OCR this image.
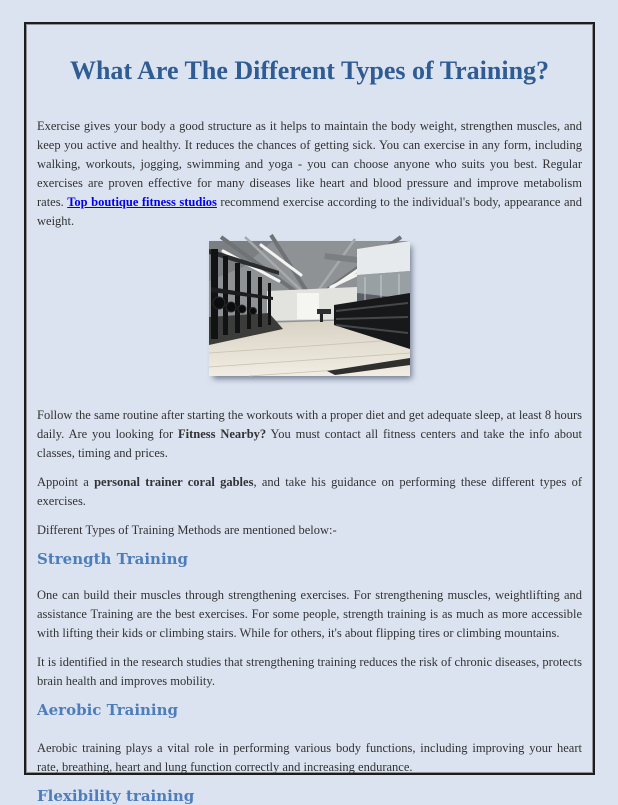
What Are The Different Types of Training?

Exercise gives your body a good structure as it helps to maintain the body weight, strengthen muscles, and keep you active and healthy. It reduces the chances of getting sick. You can exercise in any form, including walking, workouts, jogging, swimming and yoga - you can choose anyone who suits you best. Regular exercises are proven effective for many diseases like heart and blood pressure and improve metabolism rates. Top boutique fitness studios recommend exercise according to the individual's body, appearance and weight.

Follow the same routine after starting the workouts with a proper diet and get adequate sleep, at least 8 hours daily. Are you looking for Fitness Nearby? You must contact all fitness centers and take the info about classes, timing and prices.

Appoint a personal trainer coral gables, and take his guidance on performing these different types of exercises.

Different Types of Training Methods are mentioned below:-

Strength Training

One can build their muscles through strengthening exercises. For strengthening muscles, weightlifting and assistance Training are the best exercises. For some people, strength training is as much as more accessible with lifting their kids or climbing stairs. While for others, it's about flipping tires or climbing mountains.

It is identified in the research studies that strengthening training reduces the risk of chronic diseases, protects brain health and improves mobility.

Aerobic Training

Aerobic training plays a vital role in performing various body functions, including improving your heart rate, breathing, heart and lung function correctly and increasing endurance.

Flexibility training
